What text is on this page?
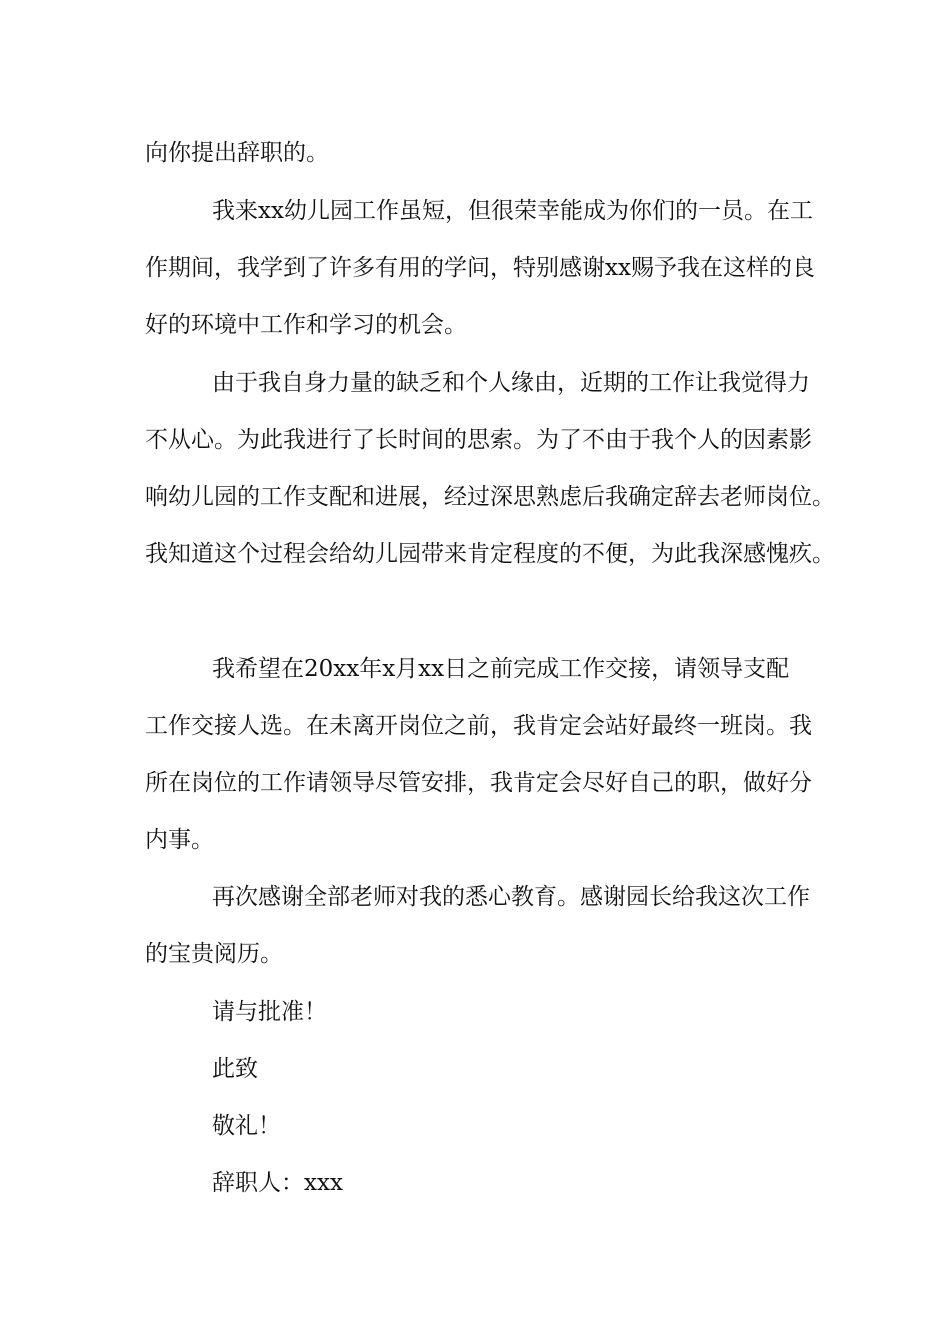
向你提出辞职的。
我来xx幼儿园工作虽短，但很荣幸能成为你们的一员。在工
作期间，我学到了许多有用的学问，特别感谢xx赐予我在这样的良
好的环境中工作和学习的机会。
由于我自身力量的缺乏和个人缘由，近期的工作让我觉得力
不从心。为此我进行了长时间的思索。为了不由于我个人的因素影
响幼儿园的工作支配和进展，经过深思熟虑后我确定辞去老师岗位。
我知道这个过程会给幼儿园带来肯定程度的不便，为此我深感愧疚。
我希望在20xx年x月xx日之前完成工作交接，请领导支配
工作交接人选。在未离开岗位之前，我肯定会站好最终一班岗。我
所在岗位的工作请领导尽管安排，我肯定会尽好自己的职，做好分
内事。
再次感谢全部老师对我的悉心教育。感谢园长给我这次工作
的宝贵阅历。
请与批准！
此致
敬礼！
辞职人：xxx
